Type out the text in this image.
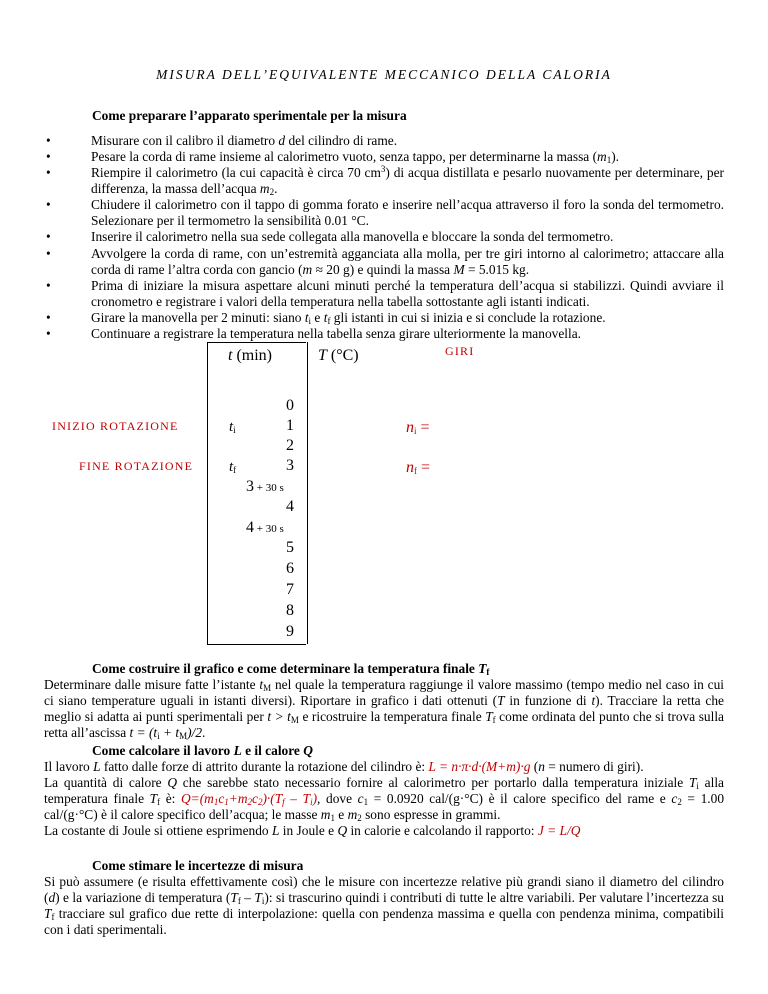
MISURA DELL’EQUIVALENTE MECCANICO DELLA CALORIA
Come preparare l’apparato sperimentale per la misura
• Misurare con il calibro il diametro d del cilindro di rame.
• Pesare la corda di rame insieme al calorimetro vuoto, senza tappo, per determinarne la massa $(m_1)$.
• Riempire il calorimetro (la cui capacità è circa 70 $cm^3$) di acqua distillata e pesarlo nuovamente per determinare, per differenza, la massa dell’acqua $m_2$.
• Chiudere il calorimetro con il tappo di gomma forato e inserire nell’acqua attraverso il foro la sonda del termometro. Selezionare per il termometro la sensibilità 0.01 °C.
• Inserire il calorimetro nella sua sede collegata alla manovella e bloccare la sonda del termometro.
• Avvolgere la corda di rame, con un’estremità agganciata alla molla, per tre giri intorno al calorimetro; attaccare alla corda di rame l’altra corda con gancio (m ≈ 20 g) e quindi la massa M = 5.015 kg.
• Prima di iniziare la misura aspettare alcuni minuti perché la temperatura dell’acqua si stabilizzi. Quindi avviare il cronometro e registrare i valori della temperatura nella tabella sottostante agli istanti indicati.
• Girare la manovella per 2 minuti: siano $t_i$ e $t_f$ gli istanti in cui si inizia e si conclude la rotazione.
• Continuare a registrare la temperatura nella tabella senza girare ulteriormente la manovella.
t (min)	T (°C)	GIRI
INIZIO ROTAZIONE
FINE ROTAZIONE
$t_i$
$t_f$
$n_i$ =
$n_f$ =
0
1
2
3
3 + 30 s
4
4 + 30 s
5
6
7
8
9
Come costruire il grafico e come determinare la temperatura finale $T_f$
Determinare dalle misure fatte l’istante $t_M$ nel quale la temperatura raggiunge il valore massimo (tempo medio nel caso in cui ci siano temperature uguali in istanti diversi). Riportare in grafico i dati ottenuti (T in funzione di t). Tracciare la retta che meglio si adatta ai punti sperimentali per $t > t_M$ e ricostruire la temperatura finale $T_f$ come ordinata del punto che si trova sulla retta all’ascissa $t = (t_i + t_M)/2$.
Come calcolare il lavoro L e il calore Q
Il lavoro L fatto dalle forze di attrito durante la rotazione del cilindro è: L = n·π·d·(M+m)·g (n = numero di giri).
La quantità di calore Q che sarebbe stato necessario fornire al calorimetro per portarlo dalla temperatura iniziale $T_i$ alla temperatura finale $T_f$ è: $Q=(m_1c_1+m_2c_2)\cdot(T_f - T_i)$, dove $c_1 = 0.0920$ cal/(g·°C) è il calore specifico del rame e $c_2 = 1.00$ cal/(g·°C) è il calore specifico dell’acqua; le masse $m_1$ e $m_2$ sono espresse in grammi.
La costante di Joule si ottiene esprimendo L in Joule e Q in calorie e calcolando il rapporto: J = L/Q
Come stimare le incertezze di misura
Si può assumere (e risulta effettivamente così) che le misure con incertezze relative più grandi siano il diametro del cilindro (d) e la variazione di temperatura $(T_f - T_i)$: si trascurino quindi i contributi di tutte le altre variabili. Per valutare l’incertezza su $T_f$ tracciare sul grafico due rette di interpolazione: quella con pendenza massima e quella con pendenza minima, compatibili con i dati sperimentali.
